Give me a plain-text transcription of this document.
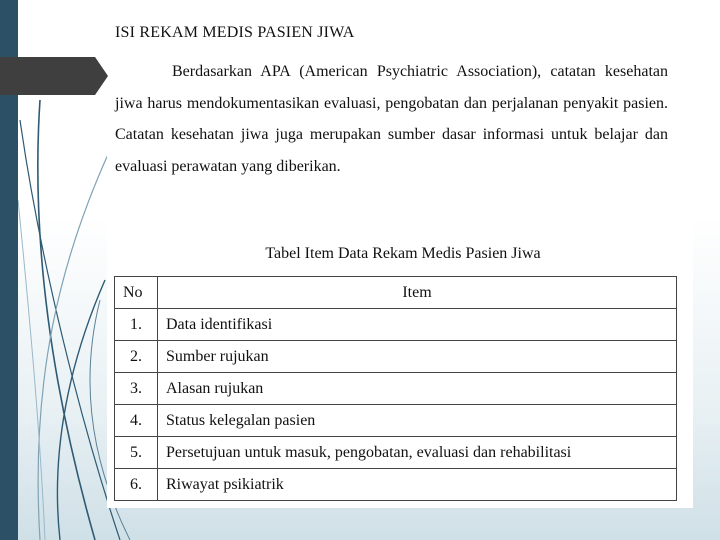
ISI REKAM MEDIS PASIEN JIWA
Berdasarkan APA (American Psychiatric Association), catatan kesehatan jiwa harus mendokumentasikan evaluasi, pengobatan dan perjalanan penyakit pasien. Catatan kesehatan jiwa juga merupakan sumber dasar informasi untuk belajar dan evaluasi perawatan yang diberikan.
Tabel Item Data Rekam Medis Pasien Jiwa
No	Item
1.	Data identifikasi
2.	Sumber rujukan
3.	Alasan rujukan
4.	Status kelegalan pasien
5.	Persetujuan untuk masuk, pengobatan, evaluasi dan rehabilitasi
6.	Riwayat psikiatrik
